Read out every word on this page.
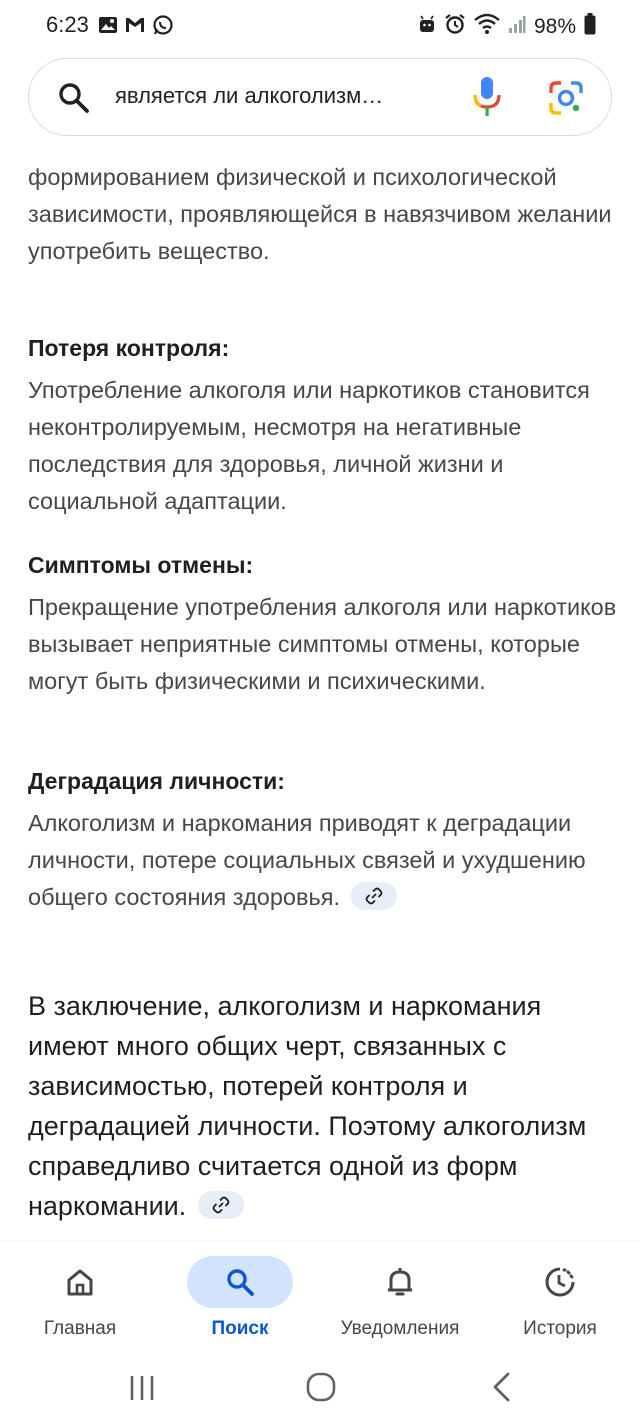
6:23	98%
является ли алкоголизм…

формированием физической и психологической зависимости, проявляющейся в навязчивом желании употребить вещество.

Потеря контроля:

Употребление алкоголя или наркотиков становится неконтролируемым, несмотря на негативные последствия для здоровья, личной жизни и социальной адаптации.

Симптомы отмены:

Прекращение употребления алкоголя или наркотиков вызывает неприятные симптомы отмены, которые могут быть физическими и психическими.

Деградация личности:

Алкоголизм и наркомания приводят к деградации личности, потере социальных связей и ухудшению общего состояния здоровья.

В заключение, алкоголизм и наркомания имеют много общих черт, связанных с зависимостью, потерей контроля и деградацией личности. Поэтому алкоголизм справедливо считается одной из форм наркомании.

Главная	Поиск	Уведомления	История
